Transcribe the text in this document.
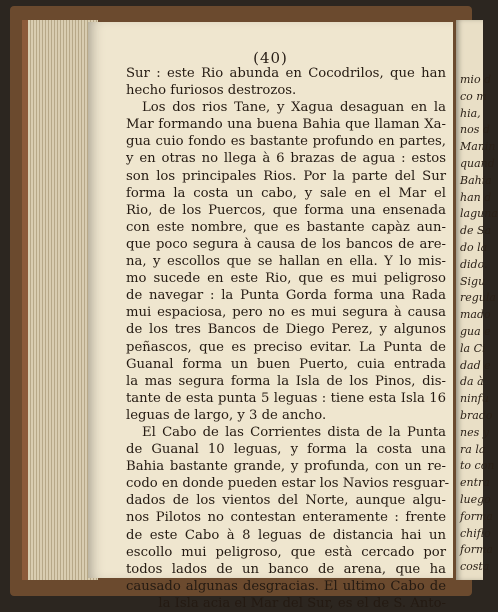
(40)
Sur : este Rio abunda en Cocodrilos, que han
hecho furiosos destrozos.
Los dos rios Tane, y Xagua desaguan en la
Mar formando una buena Bahia que llaman Xa-
gua cuio fondo es bastante profundo en partes,
y en otras no llega à 6 brazas de agua : estos
son los principales Rios. Por la parte del Sur
forma la costa un cabo, y sale en el Mar el
Rio, de los Puercos, que forma una ensenada
con este nombre, que es bastante capàz aun-
que poco segura à causa de los bancos de are-
na, y escollos que se hallan en ella. Y lo mis-
mo sucede en este Rio, que es mui peligroso
de navegar : la Punta Gorda forma una Rada
mui espaciosa, pero no es mui segura à causa
de los tres Bancos de Diego Perez, y algunos
peñascos, que es preciso evitar. La Punta de
Guanal forma un buen Puerto, cuia entrada
la mas segura forma la Isla de los Pinos, dis-
tante de esta punta 5 leguas : tiene esta Isla 16
leguas de largo, y 3 de ancho.
El Cabo de las Corrientes dista de la Punta
de Guanal 10 leguas, y forma la costa una
Bahia bastante grande, y profunda, con un re-
codo en donde pueden estar los Navios resguar-
dados de los vientos del Norte, aunque algu-
nos Pilotos no contestan enteramente : frente
de este Cabo à 8 leguas de distancia hai un
escollo mui peligroso, que està cercado por
todos lados de un banco de arena, que ha
causado algunas desgracias. El ultimo Cabo de
la Isla acia el Mar del Sur, es el de S. Anto-
mio d
co m
hia,
nos d
Manin
quand
Bahia
han d
laguna
de Sa
do la
dido.
Sigu
regula
mado
gua e
la Ci
dad e
da à
ninfu
brado
nes y
ra la
to con
entra
luego
forma
chiflo
forma
costa
